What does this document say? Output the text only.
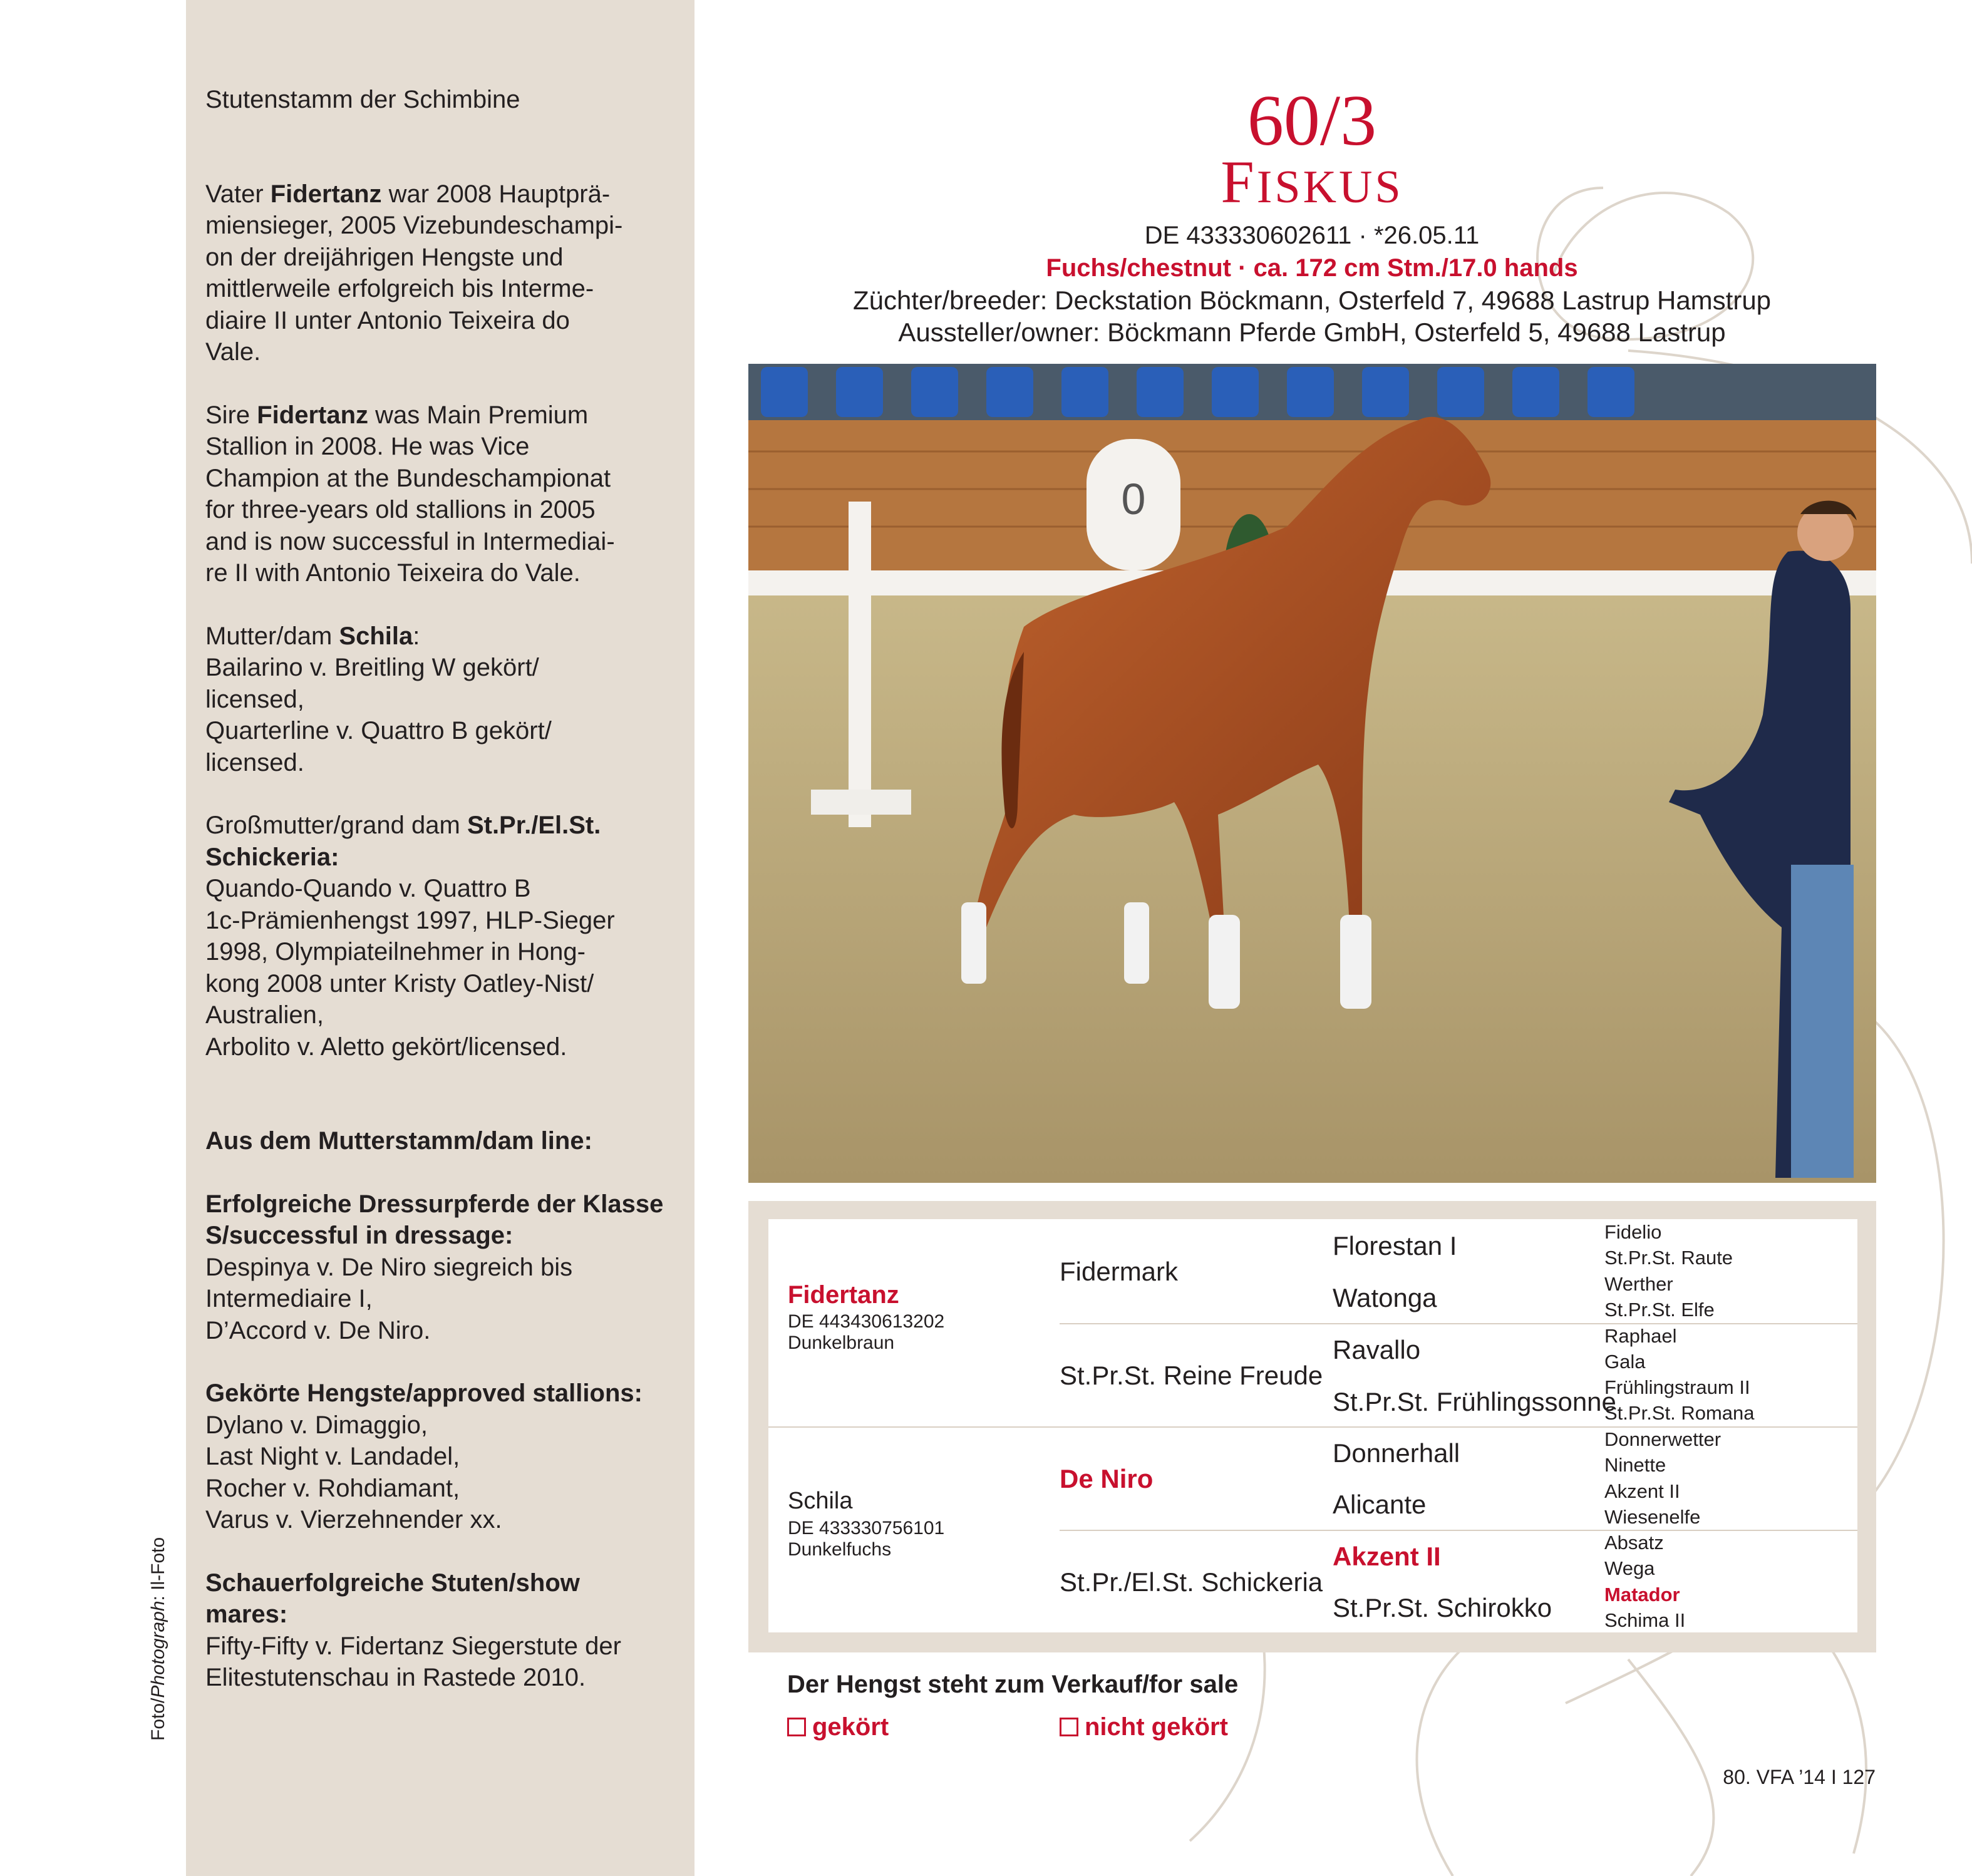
Stutenstamm der Schimbine

Vater Fidertanz war 2008 Hauptprä-
miensieger, 2005 Vizebundeschampi-
on der dreijährigen Hengste und
mittlerweile erfolgreich bis Interme-
diaire II unter Antonio Teixeira do
Vale.

Sire Fidertanz was Main Premium
Stallion in 2008. He was Vice
Champion at the Bundeschampionat
for three-years old stallions in 2005
and is now successful in Intermediai-
re II with Antonio Teixeira do Vale.

Mutter/dam Schila:
Bailarino v. Breitling W gekört/
licensed,
Quarterline v. Quattro B gekört/
licensed.

Großmutter/grand dam St.Pr./El.St.
Schickeria:
Quando-Quando v. Quattro B
1c-Prämienhengst 1997, HLP-Sieger
1998, Olympiateilnehmer in Hong-
kong 2008 unter Kristy Oatley-Nist/
Australien,
Arbolito v. Aletto gekört/licensed.

Aus dem Mutterstamm/dam line:

Erfolgreiche Dressurpferde der Klasse
S/successful in dressage:
Despinya v. De Niro siegreich bis
Intermediaire I,
D’Accord v. De Niro.

Gekörte Hengste/approved stallions:
Dylano v. Dimaggio,
Last Night v. Landadel,
Rocher v. Rohdiamant,
Varus v. Vierzehnender xx.

Schauerfolgreiche Stuten/show
mares:
Fifty-Fifty v. Fidertanz Siegerstute der
Elitestutenschau in Rastede 2010.

Foto/Photograph: Il-Foto
60/3
FISKUS
DE 433330602611 · *26.05.11
Fuchs/chestnut · ca. 172 cm Stm./17.0 hands
Züchter/breeder: Deckstation Böckmann, Osterfeld 7, 49688 Lastrup Hamstrup
Aussteller/owner: Böckmann Pferde GmbH, Osterfeld 5, 49688 Lastrup
0
Fidertanz
DE 443430613202
Dunkelbraun
Schila
DE 433330756101
Dunkelfuchs
Fidermark
St.Pr.St. Reine Freude
De Niro
St.Pr./El.St. Schickeria
Florestan I
Watonga
Ravallo
St.Pr.St. Frühlingssonne
Donnerhall
Alicante
Akzent II
St.Pr.St. Schirokko
Fidelio
St.Pr.St. Raute
Werther
St.Pr.St. Elfe
Raphael
Gala
Frühlingstraum II
St.Pr.St. Romana
Donnerwetter
Ninette
Akzent II
Wiesenelfe
Absatz
Wega
Matador
Schima II
Der Hengst steht zum Verkauf/for sale
gekört	nicht gekört
80. VFA ’14 I 127
